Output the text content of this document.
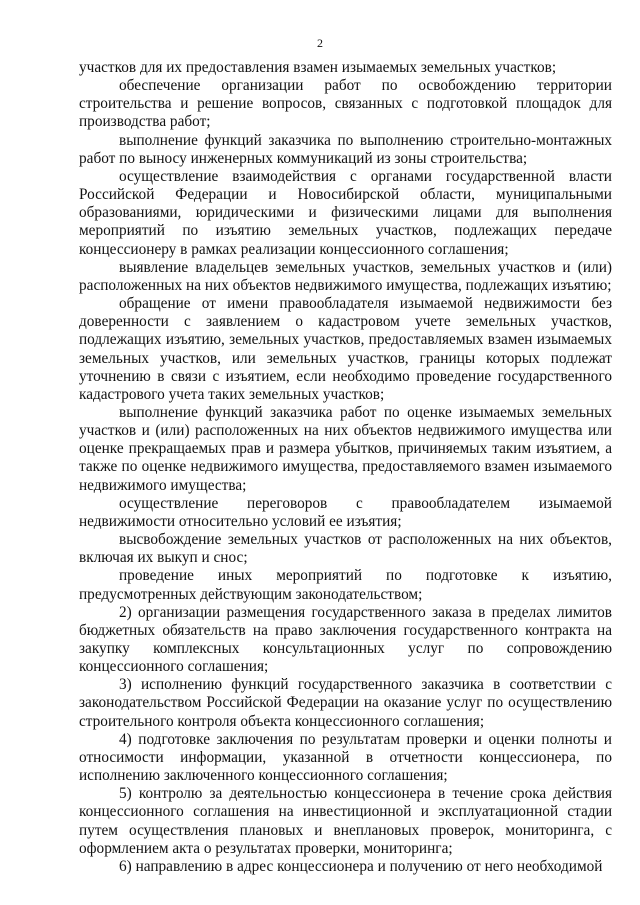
2

участков для их предоставления взамен изымаемых земельных участков;

обеспечение организации работ по освобождению территории строительства и решение вопросов, связанных с подготовкой площадок для производства работ;

выполнение функций заказчика по выполнению строительно-монтажных работ по выносу инженерных коммуникаций из зоны строительства;

осуществление взаимодействия с органами государственной власти Российской Федерации и Новосибирской области, муниципальными образованиями, юридическими и физическими лицами для выполнения мероприятий по изъятию земельных участков, подлежащих передаче концессионеру в рамках реализации концессионного соглашения;

выявление владельцев земельных участков, земельных участков и (или) расположенных на них объектов недвижимого имущества, подлежащих изъятию;

обращение от имени правообладателя изымаемой недвижимости без доверенности с заявлением о кадастровом учете земельных участков, подлежащих изъятию, земельных участков, предоставляемых взамен изымаемых земельных участков, или земельных участков, границы которых подлежат уточнению в связи с изъятием, если необходимо проведение государственного кадастрового учета таких земельных участков;

выполнение функций заказчика работ по оценке изымаемых земельных участков и (или) расположенных на них объектов недвижимого имущества или оценке прекращаемых прав и размера убытков, причиняемых таким изъятием, а также по оценке недвижимого имущества, предоставляемого взамен изымаемого недвижимого имущества;

осуществление переговоров с правообладателем изымаемой недвижимости относительно условий ее изъятия;

высвобождение земельных участков от расположенных на них объектов, включая их выкуп и снос;

проведение иных мероприятий по подготовке к изъятию, предусмотренных действующим законодательством;

2) организации размещения государственного заказа в пределах лимитов бюджетных обязательств на право заключения государственного контракта на закупку комплексных консультационных услуг по сопровождению концессионного соглашения;

3) исполнению функций государственного заказчика в соответствии с законодательством Российской Федерации на оказание услуг по осуществлению строительного контроля объекта концессионного соглашения;

4) подготовке заключения по результатам проверки и оценки полноты и относимости информации, указанной в отчетности концессионера, по исполнению заключенного концессионного соглашения;

5) контролю за деятельностью концессионера в течение срока действия концессионного соглашения на инвестиционной и эксплуатационной стадии путем осуществления плановых и внеплановых проверок, мониторинга, с оформлением акта о результатах проверки, мониторинга;

6) направлению в адрес концессионера и получению от него необходимой
